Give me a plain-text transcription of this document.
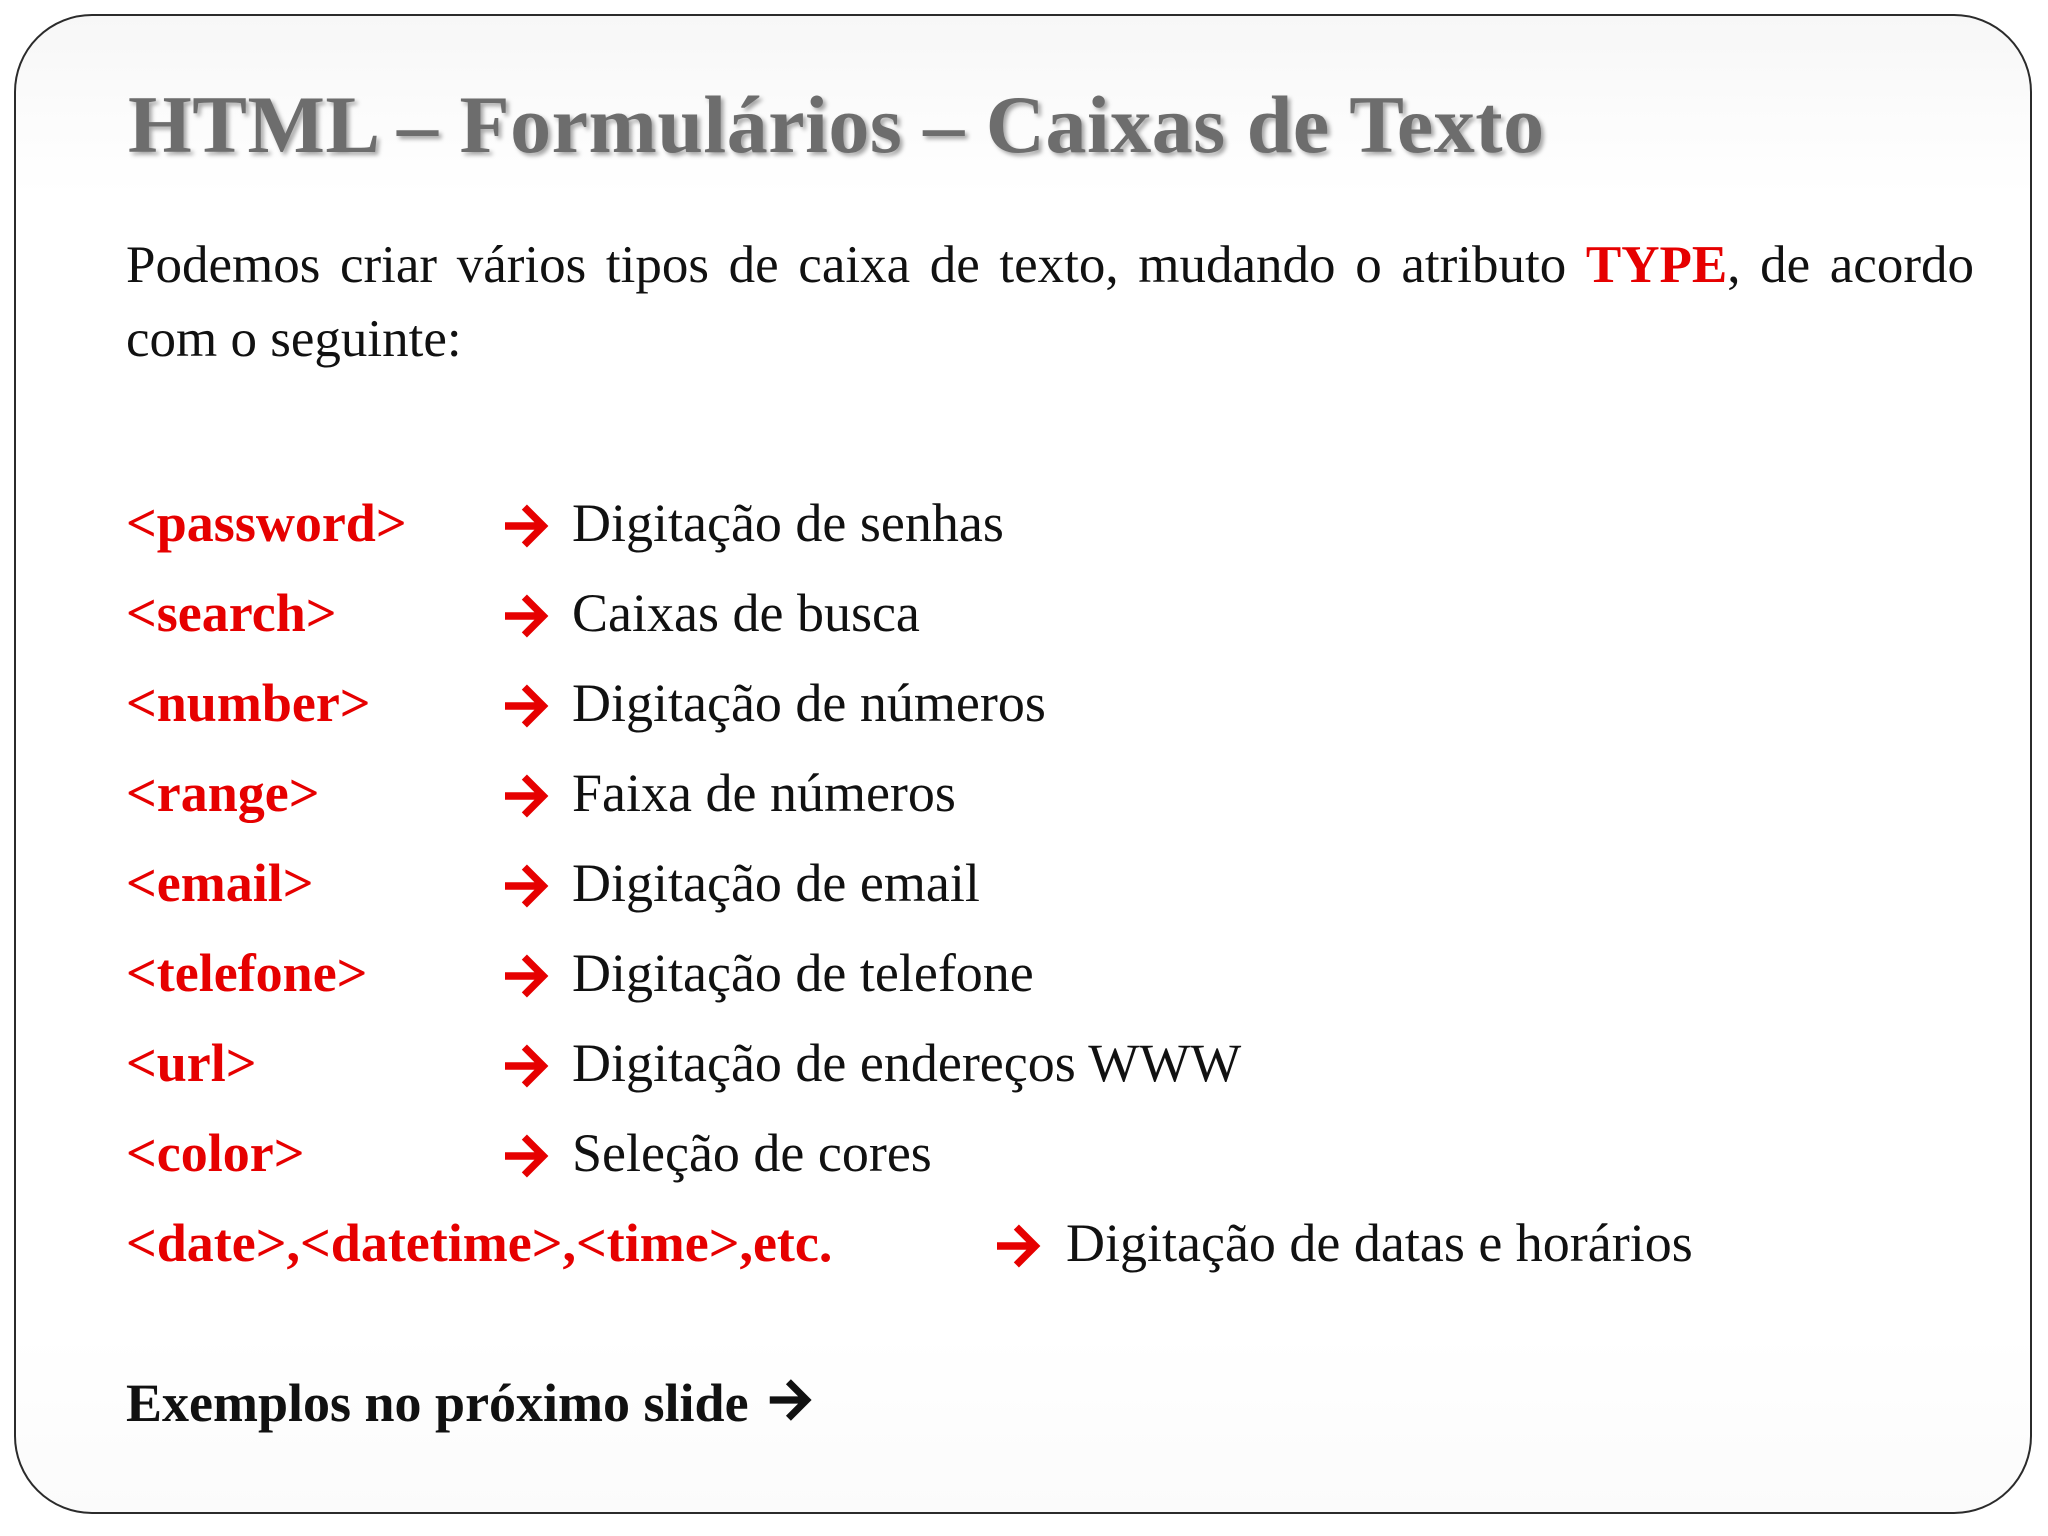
HTML – Formulários – Caixas de Texto

Podemos criar vários tipos de caixa de texto, mudando o atributo TYPE, de acordo com o seguinte:

<password>	Digitação de senhas
<search>	Caixas de busca
<number>	Digitação de números
<range>	Faixa de números
<email>	Digitação de email
<telefone>	Digitação de telefone
<url>	Digitação de endereços WWW
<color>	Seleção de cores
<date>,<datetime>,<time>,etc.	Digitação de datas e horários
Exemplos no próximo slide
